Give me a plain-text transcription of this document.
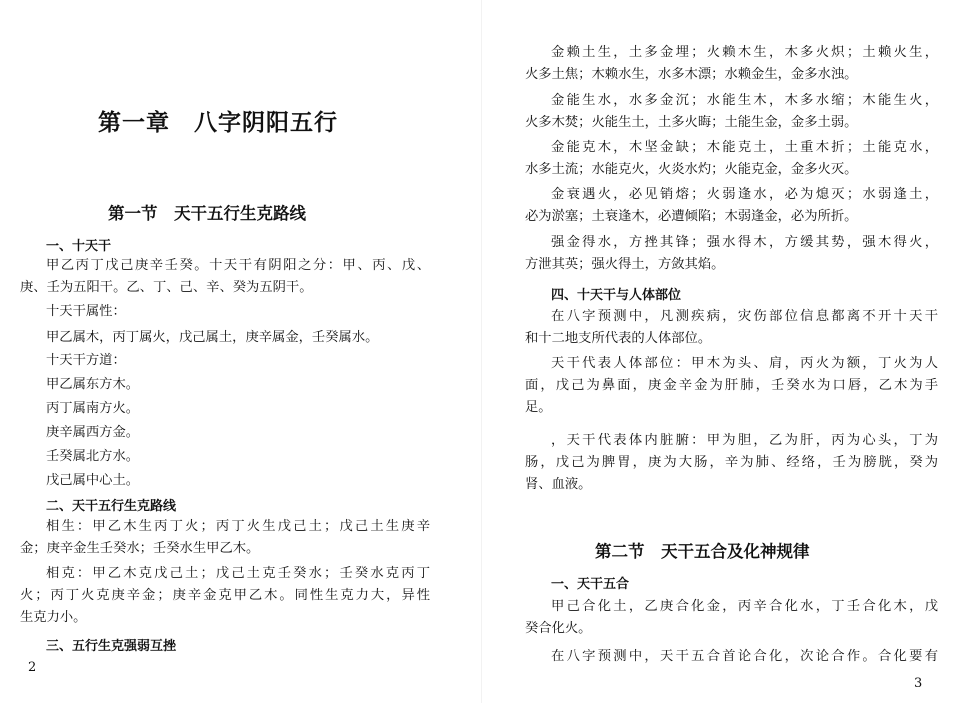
第一章　八字阴阳五行
第一节　天干五行生克路线
一、十天干
甲乙丙丁戊己庚辛壬癸。十天干有阴阳之分：甲、丙、戊、
庚、壬为五阳干。乙、丁、己、辛、癸为五阴干。
十天干属性：
甲乙属木，丙丁属火，戊己属土，庚辛属金，壬癸属水。
十天干方道：
甲乙属东方木。
丙丁属南方火。
庚辛属西方金。
壬癸属北方水。
戊己属中心土。
二、天干五行生克路线
相生：甲乙木生丙丁火；丙丁火生戊己土；戊己土生庚辛
金；庚辛金生壬癸水；壬癸水生甲乙木。
相克：甲乙木克戊己土；戊己土克壬癸水；壬癸水克丙丁
火；丙丁火克庚辛金；庚辛金克甲乙木。同性生克力大，异性
生克力小。
三、五行生克强弱互挫

2

金赖土生，土多金埋；火赖木生，木多火炽；土赖火生，
火多土焦；木赖水生，水多木漂；水赖金生，金多水浊。
金能生水，水多金沉；水能生木，木多水缩；木能生火，
火多木焚；火能生土，土多火晦；土能生金，金多土弱。
金能克木，木坚金缺；木能克土，土重木折；土能克水，
水多土流；水能克火，火炎水灼；火能克金，金多火灭。
金衰遇火，必见销熔；火弱逢水，必为熄灭；水弱逢土，
必为淤塞；土衰逢木，必遭倾陷；木弱逢金，必为所折。
强金得水，方挫其锋；强水得木，方缓其势，强木得火，
方泄其英；强火得土，方敛其焰。
四、十天干与人体部位
在八字预测中，凡测疾病，灾伤部位信息都离不开十天干
和十二地支所代表的人体部位。
天干代表人体部位：甲木为头、肩，丙火为额，丁火为人
面，戊己为鼻面，庚金辛金为肝肺，壬癸水为口唇，乙木为手
足。
，天干代表体内脏腑：甲为胆，乙为肝，丙为心头，丁为
肠，戊己为脾胃，庚为大肠，辛为肺、经络，壬为膀胱，癸为
肾、血液。
第二节　天干五合及化神规律
一、天干五合
甲己合化土，乙庚合化金，丙辛合化水，丁壬合化木，戊
癸合化火。
在八字预测中，天干五合首论合化，次论合作。合化要有

3
